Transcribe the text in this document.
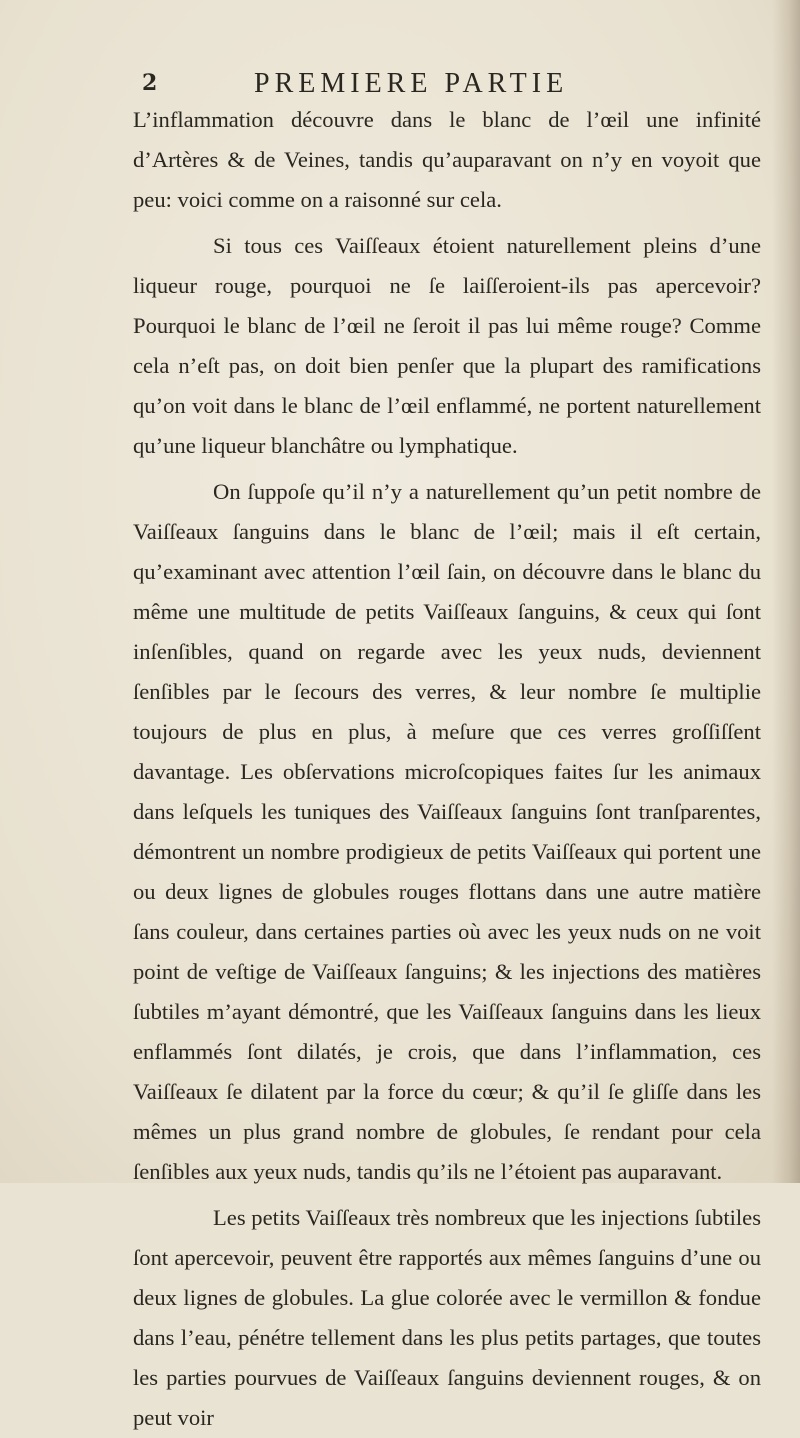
2	PREMIERE PARTIE

L’inflammation découvre dans le blanc de l’œil une infinité d’Artères & de Veines, tandis qu’auparavant on n’y en voyoit que peu: voici comme on a raisonné sur cela.

Si tous ces Vaiſſeaux étoient naturellement pleins d’une liqueur rouge, pourquoi ne ſe laiſſeroient-ils pas apercevoir? Pourquoi le blanc de l’œil ne ſeroit il pas lui même rouge? Comme cela n’eſt pas, on doit bien penſer que la plupart des ramifications qu’on voit dans le blanc de l’œil enflammé, ne portent naturellement qu’une liqueur blanchâtre ou lymphatique.

On ſuppoſe qu’il n’y a naturellement qu’un petit nombre de Vaiſſeaux ſanguins dans le blanc de l’œil; mais il eſt certain, qu’examinant avec attention l’œil ſain, on découvre dans le blanc du même une multitude de petits Vaiſſeaux ſanguins, & ceux qui ſont inſenſibles, quand on regarde avec les yeux nuds, deviennent ſenſibles par le ſecours des verres, & leur nombre ſe multiplie toujours de plus en plus, à meſure que ces verres groſſiſſent davantage. Les obſervations microſcopiques faites ſur les animaux dans leſquels les tuniques des Vaiſſeaux ſanguins ſont tranſparentes, démontrent un nombre prodigieux de petits Vaiſſeaux qui portent une ou deux lignes de globules rouges flottans dans une autre matière ſans couleur, dans certaines parties où avec les yeux nuds on ne voit point de veſtige de Vaiſſeaux ſanguins; & les injections des matières ſubtiles m’ayant démontré, que les Vaiſſeaux ſanguins dans les lieux enflammés ſont dilatés, je crois, que dans l’inflammation, ces Vaiſſeaux ſe dilatent par la force du cœur; & qu’il ſe gliſſe dans les mêmes un plus grand nombre de globules, ſe rendant pour cela ſenſibles aux yeux nuds, tandis qu’ils ne l’étoient pas auparavant.

Les petits Vaiſſeaux très nombreux que les injections ſubtiles ſont apercevoir, peuvent être rapportés aux mêmes ſanguins d’une ou deux lignes de globules. La glue colorée avec le vermillon & fondue dans l’eau, pénétre tellement dans les plus petits partages, que toutes les parties pourvues de Vaiſſeaux ſanguins deviennent rouges, & on peut voir
